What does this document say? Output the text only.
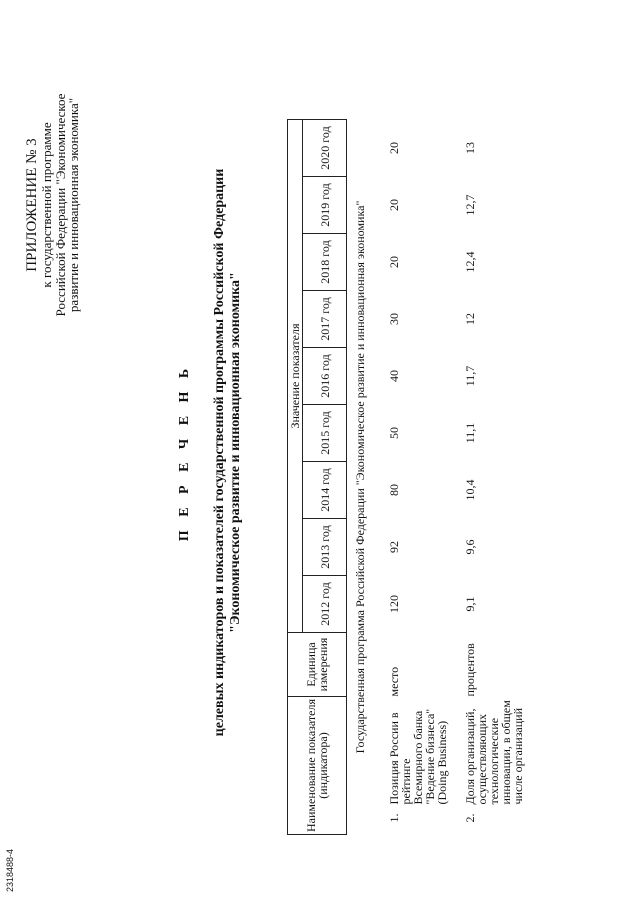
ПРИЛОЖЕНИЕ № 3 к государственной программе
Российской Федерации "Экономическое
развитие и инновационная экономика"
П Е Р Е Ч Е Н Ь целевых индикаторов и показателей государственной программы Российской Федерации "Экономическое развитие и инновационная экономика"
Наименование показателя (индикатора)		Единица измерения	Значение показателя								
			2012 год	2013 год	2014 год	2015 год	2016 год	2017 год	2018 год	2019 год	2020 год
Государственная программа Российской Федерации "Экономическое развитие и инновационная экономика"											
1.	Позиция России в рейтинге Всемирного банка "Ведение бизнеса" (Doing Business)	место	120	92	80	50	40	30	20	20	20
2.	Доля организаций, осуществляющих технологические инновации, в общем числе организаций	процентов	9,1	9,6	10,4	11,1	11,7	12	12,4	12,7	13
2318488-4
